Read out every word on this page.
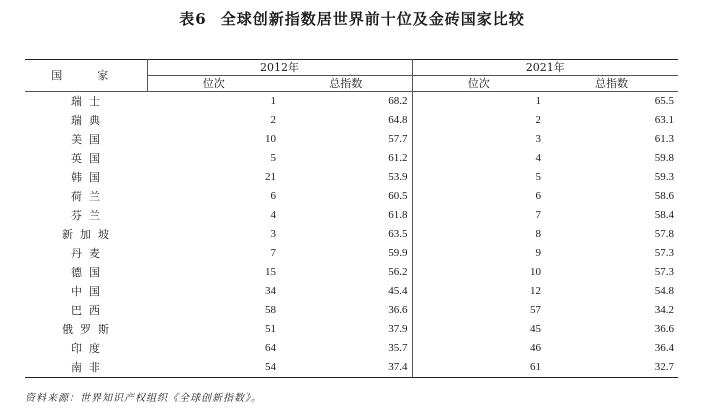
表6 全球创新指数居世界前十位及金砖国家比较
国　家	2012年		2021年	
	位次	总指数	位次	总指数
瑞士	1	68.2	1	65.5
瑞典	2	64.8	2	63.1
美国	10	57.7	3	61.3
英国	5	61.2	4	59.8
韩国	21	53.9	5	59.3
荷兰	6	60.5	6	58.6
芬兰	4	61.8	7	58.4
新加坡	3	63.5	8	57.8
丹麦	7	59.9	9	57.3
德国	15	56.2	10	57.3
中国	34	45.4	12	54.8
巴西	58	36.6	57	34.2
俄罗斯	51	37.9	45	36.6
印度	64	35.7	46	36.4
南非	54	37.4	61	32.7
资料来源：世界知识产权组织《全球创新指数》。
